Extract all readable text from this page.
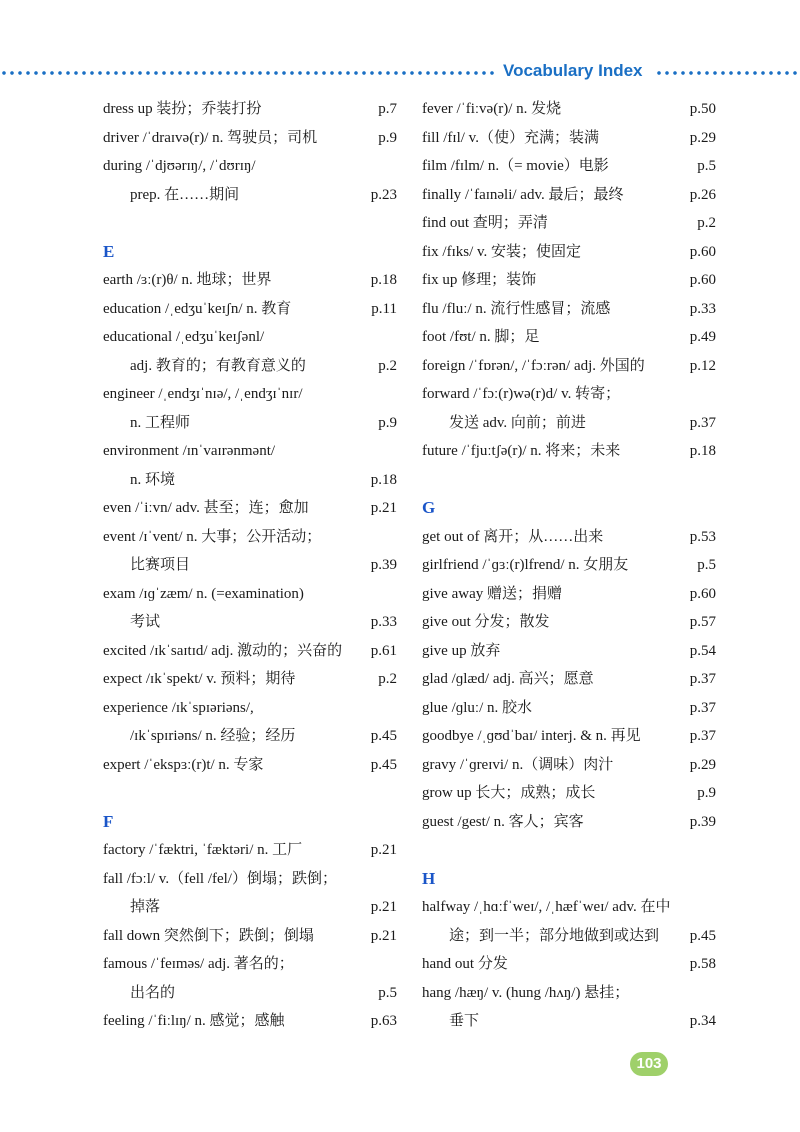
Vocabulary Index
dress up 装扮；乔装打扮	p.7
driver /ˈdraɪvə(r)/ n. 驾驶员；司机	p.9
during /ˈdjʊərɪŋ/, /ˈdʊrɪŋ/
prep. 在……期间	p.23
E
earth /ɜː(r)θ/ n. 地球；世界	p.18
education /ˌedʒuˈkeɪʃn/ n. 教育	p.11
educational /ˌedʒuˈkeɪʃənl/
adj. 教育的；有教育意义的	p.2
engineer /ˌendʒɪˈnɪə/, /ˌendʒɪˈnɪr/
n. 工程师	p.9
environment /ɪnˈvaɪrənmənt/
n. 环境	p.18
even /ˈiːvn/ adv. 甚至；连；愈加	p.21
event /ɪˈvent/ n. 大事；公开活动；
比赛项目	p.39
exam /ɪɡˈzæm/ n. (=examination)
考试	p.33
excited /ɪkˈsaɪtɪd/ adj. 激动的；兴奋的 p.61
expect /ɪkˈspekt/ v. 预料；期待	p.2
experience /ɪkˈspɪəriəns/,
/ɪkˈspɪriəns/ n. 经验；经历	p.45
expert /ˈekspɜː(r)t/ n. 专家	p.45
F
factory /ˈfæktri, ˈfæktəri/ n. 工厂	p.21
fall /fɔːl/ v.（fell /fel/）倒塌；跌倒；
掉落	p.21
fall down 突然倒下；跌倒；倒塌	p.21
famous /ˈfeɪməs/ adj. 著名的；
出名的	p.5
feeling /ˈfiːlɪŋ/ n. 感觉；感触	p.63
fever /ˈfiːvə(r)/ n. 发烧	p.50
fill /fɪl/ v.（使）充满；装满	p.29
film /fɪlm/ n.（= movie）电影	p.5
finally /ˈfaɪnəli/ adv. 最后；最终	p.26
find out 查明；弄清	p.2
fix /fɪks/ v. 安装；使固定	p.60
fix up 修理；装饰	p.60
flu /fluː/ n. 流行性感冒；流感	p.33
foot /fʊt/ n. 脚；足	p.49
foreign /ˈfɒrən/, /ˈfɔːrən/ adj. 外国的	p.12
forward /ˈfɔː(r)wə(r)d/ v. 转寄；
发送 adv. 向前；前进	p.37
future /ˈfjuːtʃə(r)/ n. 将来；未来	p.18
G
get out of 离开；从……出来	p.53
girlfriend /ˈɡɜː(r)lfrend/ n. 女朋友	p.5
give away 赠送；捐赠	p.60
give out 分发；散发	p.57
give up 放弃	p.54
glad /ɡlæd/ adj. 高兴；愿意	p.37
glue /ɡluː/ n. 胶水	p.37
goodbye /ˌɡʊdˈbaɪ/ interj. & n. 再见	p.37
gravy /ˈɡreɪvi/ n.（调味）肉汁	p.29
grow up 长大；成熟；成长	p.9
guest /gest/ n. 客人；宾客	p.39
H
halfway /ˌhɑːfˈweɪ/, /ˌhæfˈweɪ/ adv. 在中
途；到一半；部分地做到或达到 p.45
hand out 分发	p.58
hang /hæŋ/ v. (hung /hʌŋ/) 悬挂；
垂下	p.34
103
